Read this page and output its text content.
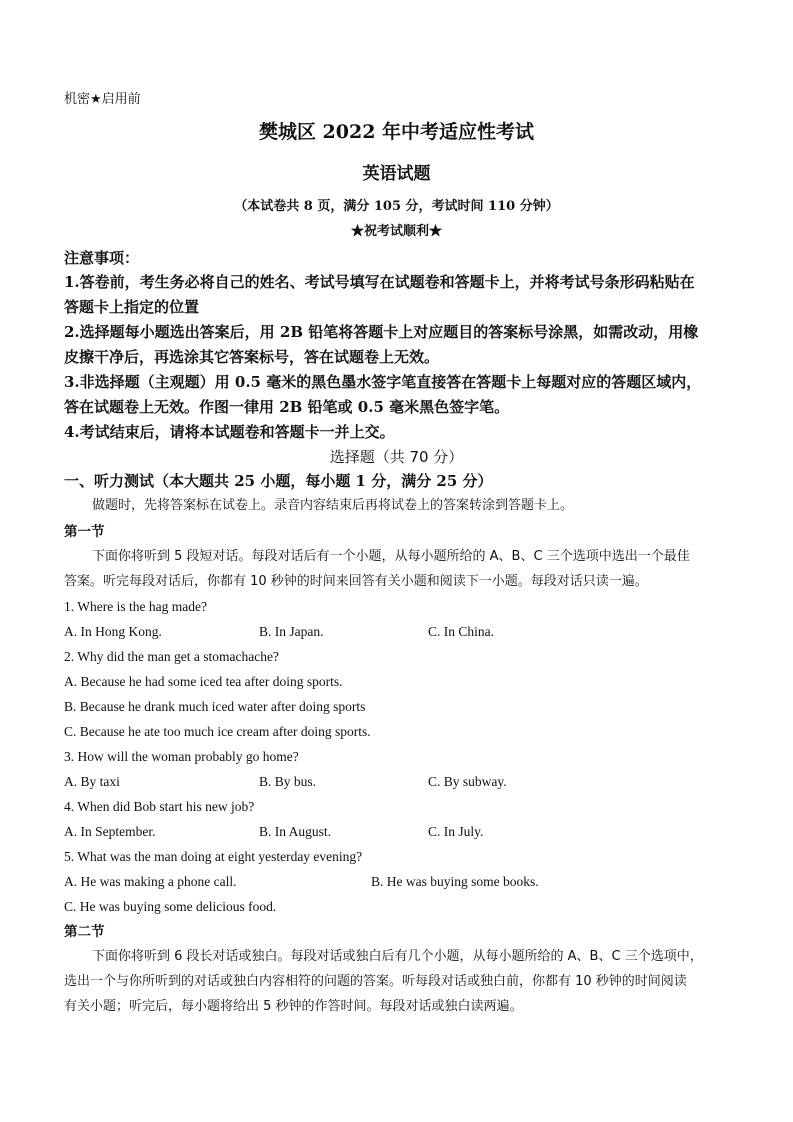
机密★启用前
樊城区 2022 年中考适应性考试
英语试题
（本试卷共 8 页，满分 105 分，考试时间 110 分钟）
★祝考试顺利★
注意事项：
1.答卷前，考生务必将自己的姓名、考试号填写在试题卷和答题卡上，并将考试号条形码粘贴在
答题卡上指定的位置
2.选择题每小题选出答案后，用 2B 铅笔将答题卡上对应题目的答案标号涂黑，如需改动，用橡
皮擦干净后，再选涂其它答案标号，答在试题卷上无效。
3.非选择题（主观题）用 0.5 毫米的黑色墨水签字笔直接答在答题卡上每题对应的答题区域内，
答在试题卷上无效。作图一律用 2B 铅笔或 0.5 毫米黑色签字笔。
4.考试结束后，请将本试题卷和答题卡一并上交。
选择题（共 70 分）
一、听力测试（本大题共 25 小题，每小题 1 分，满分 25 分）
做题时，先将答案标在试卷上。录音内容结束后再将试卷上的答案转涂到答题卡上。
第一节
下面你将听到 5 段短对话。每段对话后有一个小题，从每小题所给的 A、B、C 三个选项中选出一个最佳
答案。听完每段对话后，你都有 10 秒钟的时间来回答有关小题和阅读下一小题。每段对话只读一遍。
1. Where is the hag made?
A. In Hong Kong.	B. In Japan.	C. In China.
2. Why did the man get a stomachache?
A. Because he had some iced tea after doing sports.
B. Because he drank much iced water after doing sports
C. Because he ate too much ice cream after doing sports.
3. How will the woman probably go home?
A. By taxi	B. By bus.	C. By subway.
4. When did Bob start his new job?
A. In September.	B. In August.	C. In July.
5. What was the man doing at eight yesterday evening?
A. He was making a phone call.	B. He was buying some books.
C. He was buying some delicious food.
第二节
下面你将听到 6 段长对话或独白。每段对话或独白后有几个小题，从每小题所给的 A、B、C 三个选项中，
选出一个与你所听到的对话或独白内容相符的问题的答案。听每段对话或独白前，你都有 10 秒钟的时间阅读
有关小题；听完后，每小题将给出 5 秒钟的作答时间。每段对话或独白读两遍。
